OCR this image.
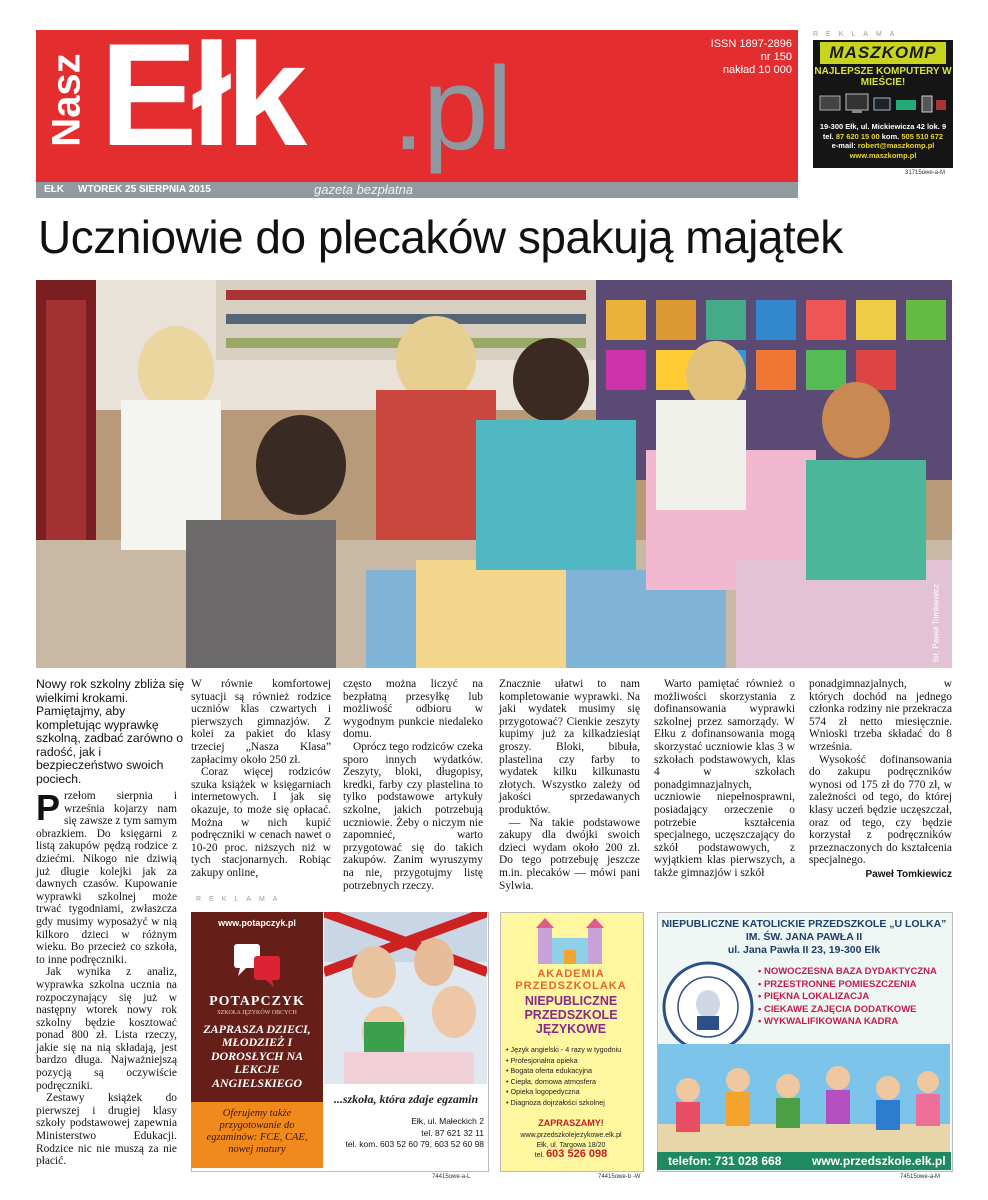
Nasz Ełk .pl	ISSN 1897-2896
nr 150
nakład 10 000
EŁK WTOREK 25 SIERPNIA 2015	gazeta bezpłatna
REKLAMA
MASZKOMP
NAJLEPSZE KOMPUTERY W MIEŚCIE!
19-300 Ełk, ul. Mickiewicza 42 lok. 9
tel. 87 620 15 00 kom. 505 510 672
e-mail: robert@maszkomp.pl
www.maszkomp.pl
31715owe-a-M
Uczniowie do plecaków spakują majątek
fot. Paweł Tomkiewicz
Nowy rok szkolny zbliża się wielkimi krokami. Pamiętajmy, aby kompletując wyprawkę szkolną, zadbać zarówno o radość, jak i bezpieczeństwo swoich pociech.

Przełom sierpnia i września kojarzy nam się zawsze z tym samym obrazkiem. Do księgarni z listą zakupów pędzą rodzice z dziećmi. Nikogo nie dziwią już długie kolejki jak za dawnych czasów. Kupowanie wyprawki szkolnej może trwać tygodniami, zwłaszcza gdy musimy wyposażyć w nią kilkoro dzieci w różnym wieku. Bo przecież co szkoła, to inne podręczniki.

Jak wynika z analiz, wyprawka szkolna ucznia na rozpoczynający się już w następny wtorek nowy rok szkolny będzie kosztować ponad 800 zł. Lista rzeczy, jakie się na nią składają, jest bardzo długa. Najważniejszą pozycją są oczywiście podręczniki.

Zestawy książek do pierwszej i drugiej klasy szkoły podstawowej zapewnia Ministerstwo Edukacji. Rodzice nic nie muszą za nie płacić.

W równie komfortowej sytuacji są również rodzice uczniów klas czwartych i pierwszych gimnazjów. Z kolei za pakiet do klasy trzeciej „Nasza Klasa” zapłacimy około 250 zł.

Coraz więcej rodziców szuka książek w księgarniach internetowych. I jak się okazuje, to może się opłacać. Można w nich kupić podręczniki w cenach nawet o 10-20 proc. niższych niż w tych stacjonarnych. Robiąc zakupy online,

często można liczyć na bezpłatną przesyłkę lub możliwość odbioru w wygodnym punkcie niedaleko domu.

Oprócz tego rodziców czeka sporo innych wydatków. Zeszyty, bloki, długopisy, kredki, farby czy plastelina to tylko podstawowe artykuły szkolne, jakich potrzebują uczniowie. Żeby o niczym nie zapomnieć, warto przygotować się do takich zakupów. Zanim wyruszymy na nie, przygotujmy listę potrzebnych rzeczy.

Znacznie ułatwi to nam kompletowanie wyprawki. Na jaki wydatek musimy się przygotować? Cienkie zeszyty kupimy już za kilkadziesiąt groszy. Bloki, bibuła, plastelina czy farby to wydatek kilku kilkunastu złotych. Wszystko zależy od jakości sprzedawanych produktów.

— Na takie podstawowe zakupy dla dwójki swoich dzieci wydam około 200 zł. Do tego potrzebuję jeszcze m.in. plecaków — mówi pani Sylwia.

Warto pamiętać również o możliwości skorzystania z dofinansowania wyprawki szkolnej przez samorządy. W Ełku z dofinansowania mogą skorzystać uczniowie klas 3 w szkołach podstawowych, klas 4 w szkołach ponadgimnazjalnych, uczniowie niepełnosprawni, posiadający orzeczenie o potrzebie kształcenia specjalnego, uczęszczający do szkół podstawowych, z wyjątkiem klas pierwszych, a także gimnazjów i szkół

ponadgimnazjalnych, w których dochód na jednego członka rodziny nie przekracza 574 zł netto miesięcznie. Wnioski trzeba składać do 8 września.

Wysokość dofinansowania do zakupu podręczników wynosi od 175 zł do 770 zł, w zależności od tego, do której klasy uczeń będzie uczęszczał, oraz od tego, czy będzie korzystał z podręczników przeznaczonych do kształcenia specjalnego.

Paweł Tomkiewicz
REKLAMA
www.potapczyk.pl
POTAPCZYK
SZKOŁA JĘZYKÓW OBCYCH
ZAPRASZA DZIECI, MŁODZIEŻ I DOROSŁYCH NA LEKCJE ANGIELSKIEGO
Oferujemy także przygotowanie do egzaminów: FCE, CAE, nowej matury
...szkoła, która zdaje egzamin
Ełk, ul. Małeckich 2
tel. 87 621 32 11
tel. kom. 603 52 60 79, 603 52 60 98
74415owe-a-L
AKADEMIA PRZEDSZKOLAKA
NIEPUBLICZNE PRZEDSZKOLE JĘZYKOWE
• Język angielski - 4 razy w tygodniu
• Profesjonalna opieka
• Bogata oferta edukacyjna
• Ciepła, domowa atmosfera
• Opieka logopedyczna
• Diagnoza dojrzałości szkolnej
ZAPRASZAMY!
www.przedszkolejezykowe.elk.pl
Ełk, ul. Targowa 18/20
tel. 603 526 098
74415owe-b -W
NIEPUBLICZNE KATOLICKIE PRZEDSZKOLE „U LOLKA”
IM. ŚW. JANA PAWŁA II
ul. Jana Pawła II 23, 19-300 Ełk
• NOWOCZESNA BAZA DYDAKTYCZNA
• PRZESTRONNE POMIESZCZENIA
• PIĘKNA LOKALIZACJA
• CIEKAWE ZAJĘCIA DODATKOWE
• WYKWALIFIKOWANA KADRA
telefon: 731 028 668	www.przedszkole.elk.pl
74515owe-a-M
